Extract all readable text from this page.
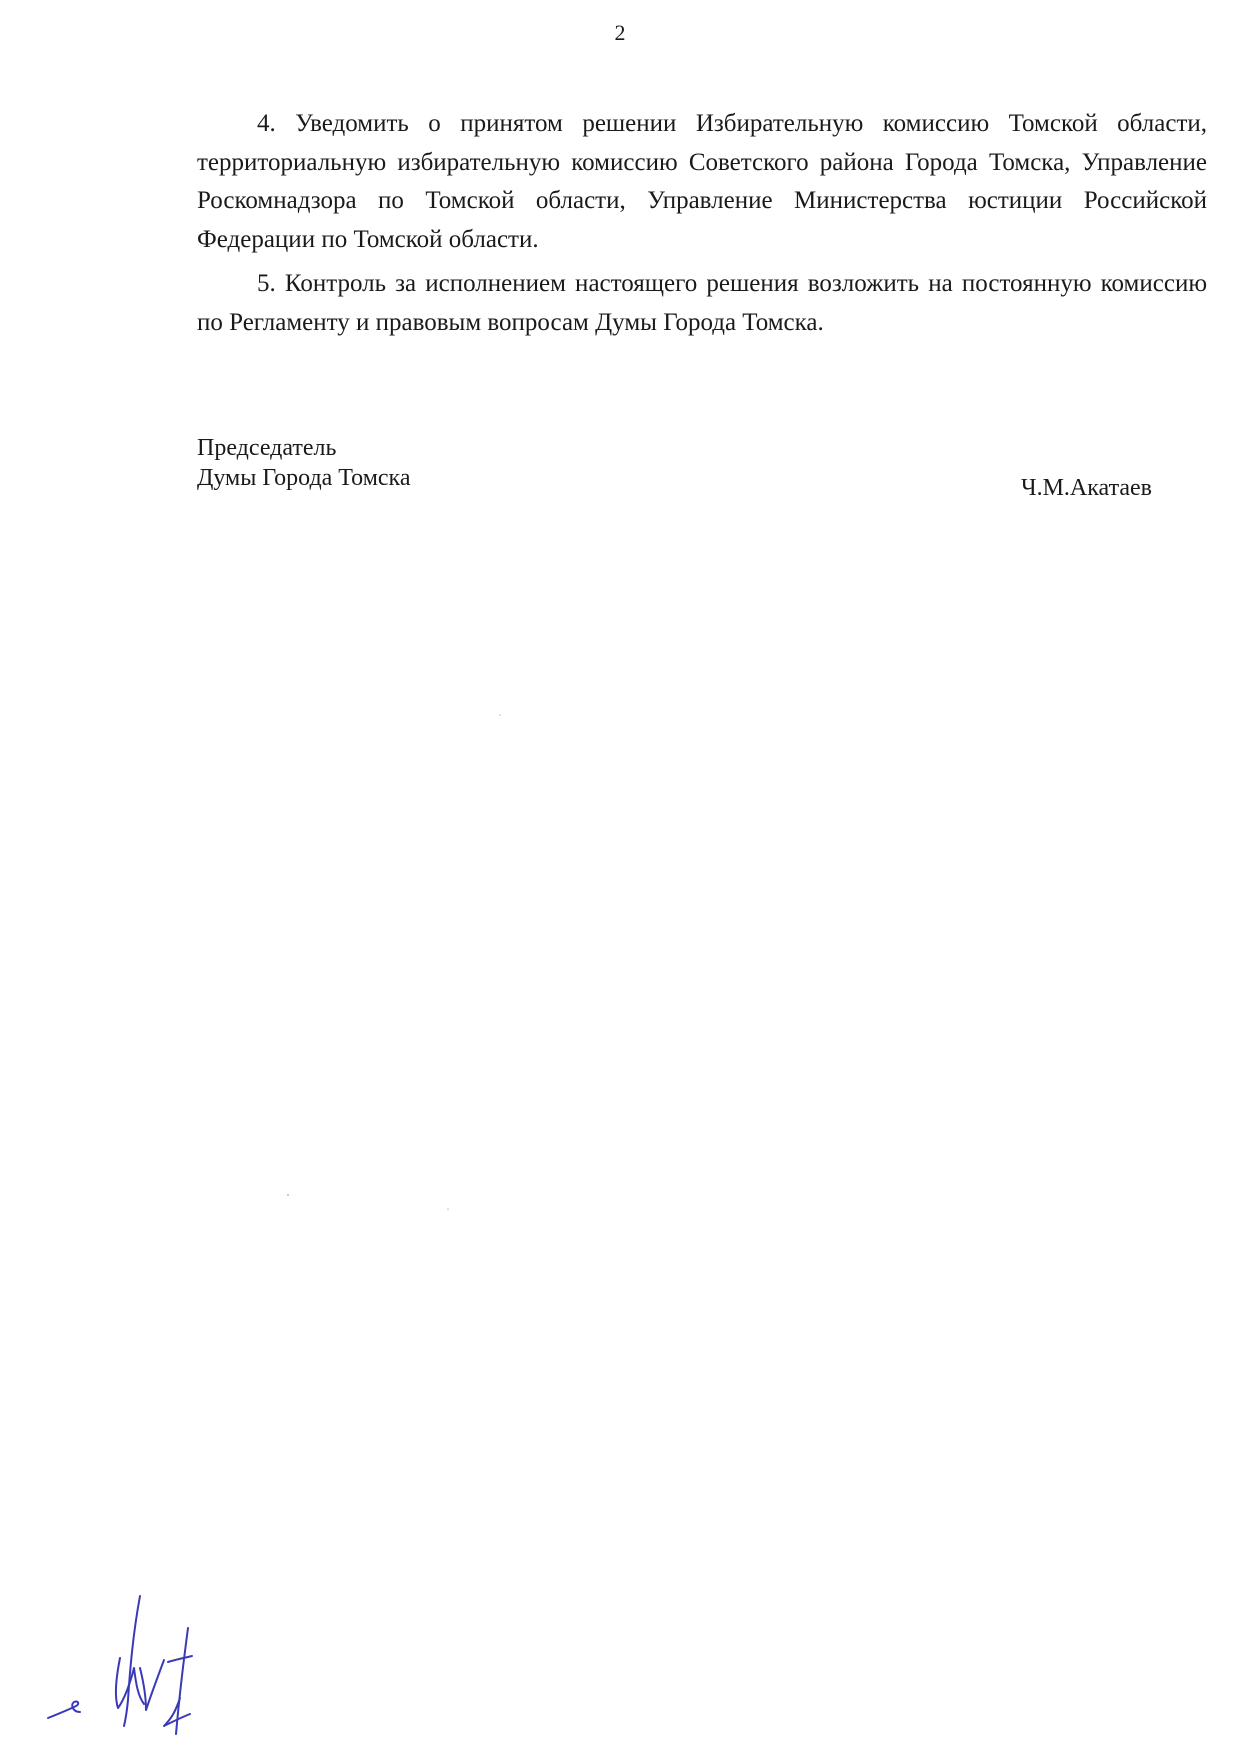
2

4. Уведомить о принятом решении Избирательную комиссию Томской области, территориальную избирательную комиссию Советского района Города Томска, Управление Роскомнадзора по Томской области, Управление Министерства юстиции Российской Федерации по Томской области.

5. Контроль за исполнением настоящего решения возложить на постоянную комиссию по Регламенту и правовым вопросам Думы Города Томска.

Председатель
Думы Города Томска	Ч.М.Акатаев
